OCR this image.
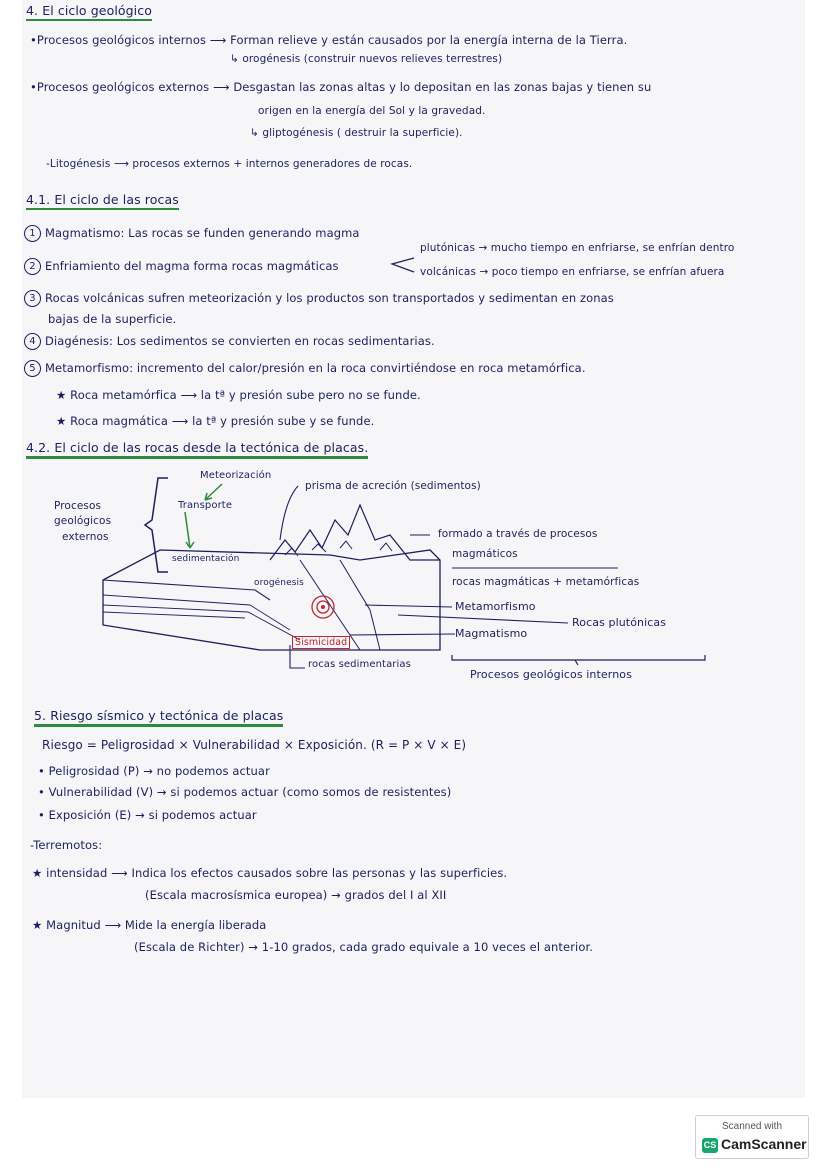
4. El ciclo geológico
•Procesos geológicos internos ⟶ Forman relieve y están causados por la energía interna de la Tierra.
↳ orogénesis (construir nuevos relieves terrestres)
•Procesos geológicos externos ⟶ Desgastan las zonas altas y lo depositan en las zonas bajas y tienen su
origen en la energía del Sol y la gravedad.
↳ gliptogénesis ( destruir la superficie).
-Litogénesis ⟶ procesos externos + internos generadores de rocas.
4.1. El ciclo de las rocas
1 Magmatismo: Las rocas se funden generando magma
2 Enfriamiento del magma forma rocas magmáticas
plutónicas → mucho tiempo en enfriarse, se enfrían dentro
volcánicas → poco tiempo en enfriarse, se enfrían afuera
3 Rocas volcánicas sufren meteorización y los productos son transportados y sedimentan en zonas
bajas de la superficie.
4 Diagénesis: Los sedimentos se convierten en rocas sedimentarias.
5 Metamorfismo: incremento del calor/presión en la roca convirtiéndose en roca metamórfica.
★ Roca metamórfica ⟶ la tª y presión sube pero no se funde.
★ Roca magmática ⟶ la tª y presión sube y se funde.
4.2. El ciclo de las rocas desde la tectónica de placas.
Meteorización
Transporte
Procesos
geológicos
externos
sedimentación
orogénesis
prisma de acreción (sedimentos)
formado a través de procesos
magmáticos
rocas magmáticas + metamórficas
Metamorfismo
Rocas plutónicas
Magmatismo
Sismicidad
rocas sedimentarias
Procesos geológicos internos
5. Riesgo sísmico y tectónica de placas
Riesgo = Peligrosidad × Vulnerabilidad × Exposición. (R = P × V × E)
• Peligrosidad (P) → no podemos actuar
• Vulnerabilidad (V) → si podemos actuar (como somos de resistentes)
• Exposición (E) → si podemos actuar
-Terremotos:
★ intensidad ⟶ Indica los efectos causados sobre las personas y las superficies.
(Escala macrosísmica europea) → grados del I al XII
★ Magnitud ⟶ Mide la energía liberada
(Escala de Richter) → 1-10 grados, cada grado equivale a 10 veces el anterior.
Scanned with
CS CamScanner
